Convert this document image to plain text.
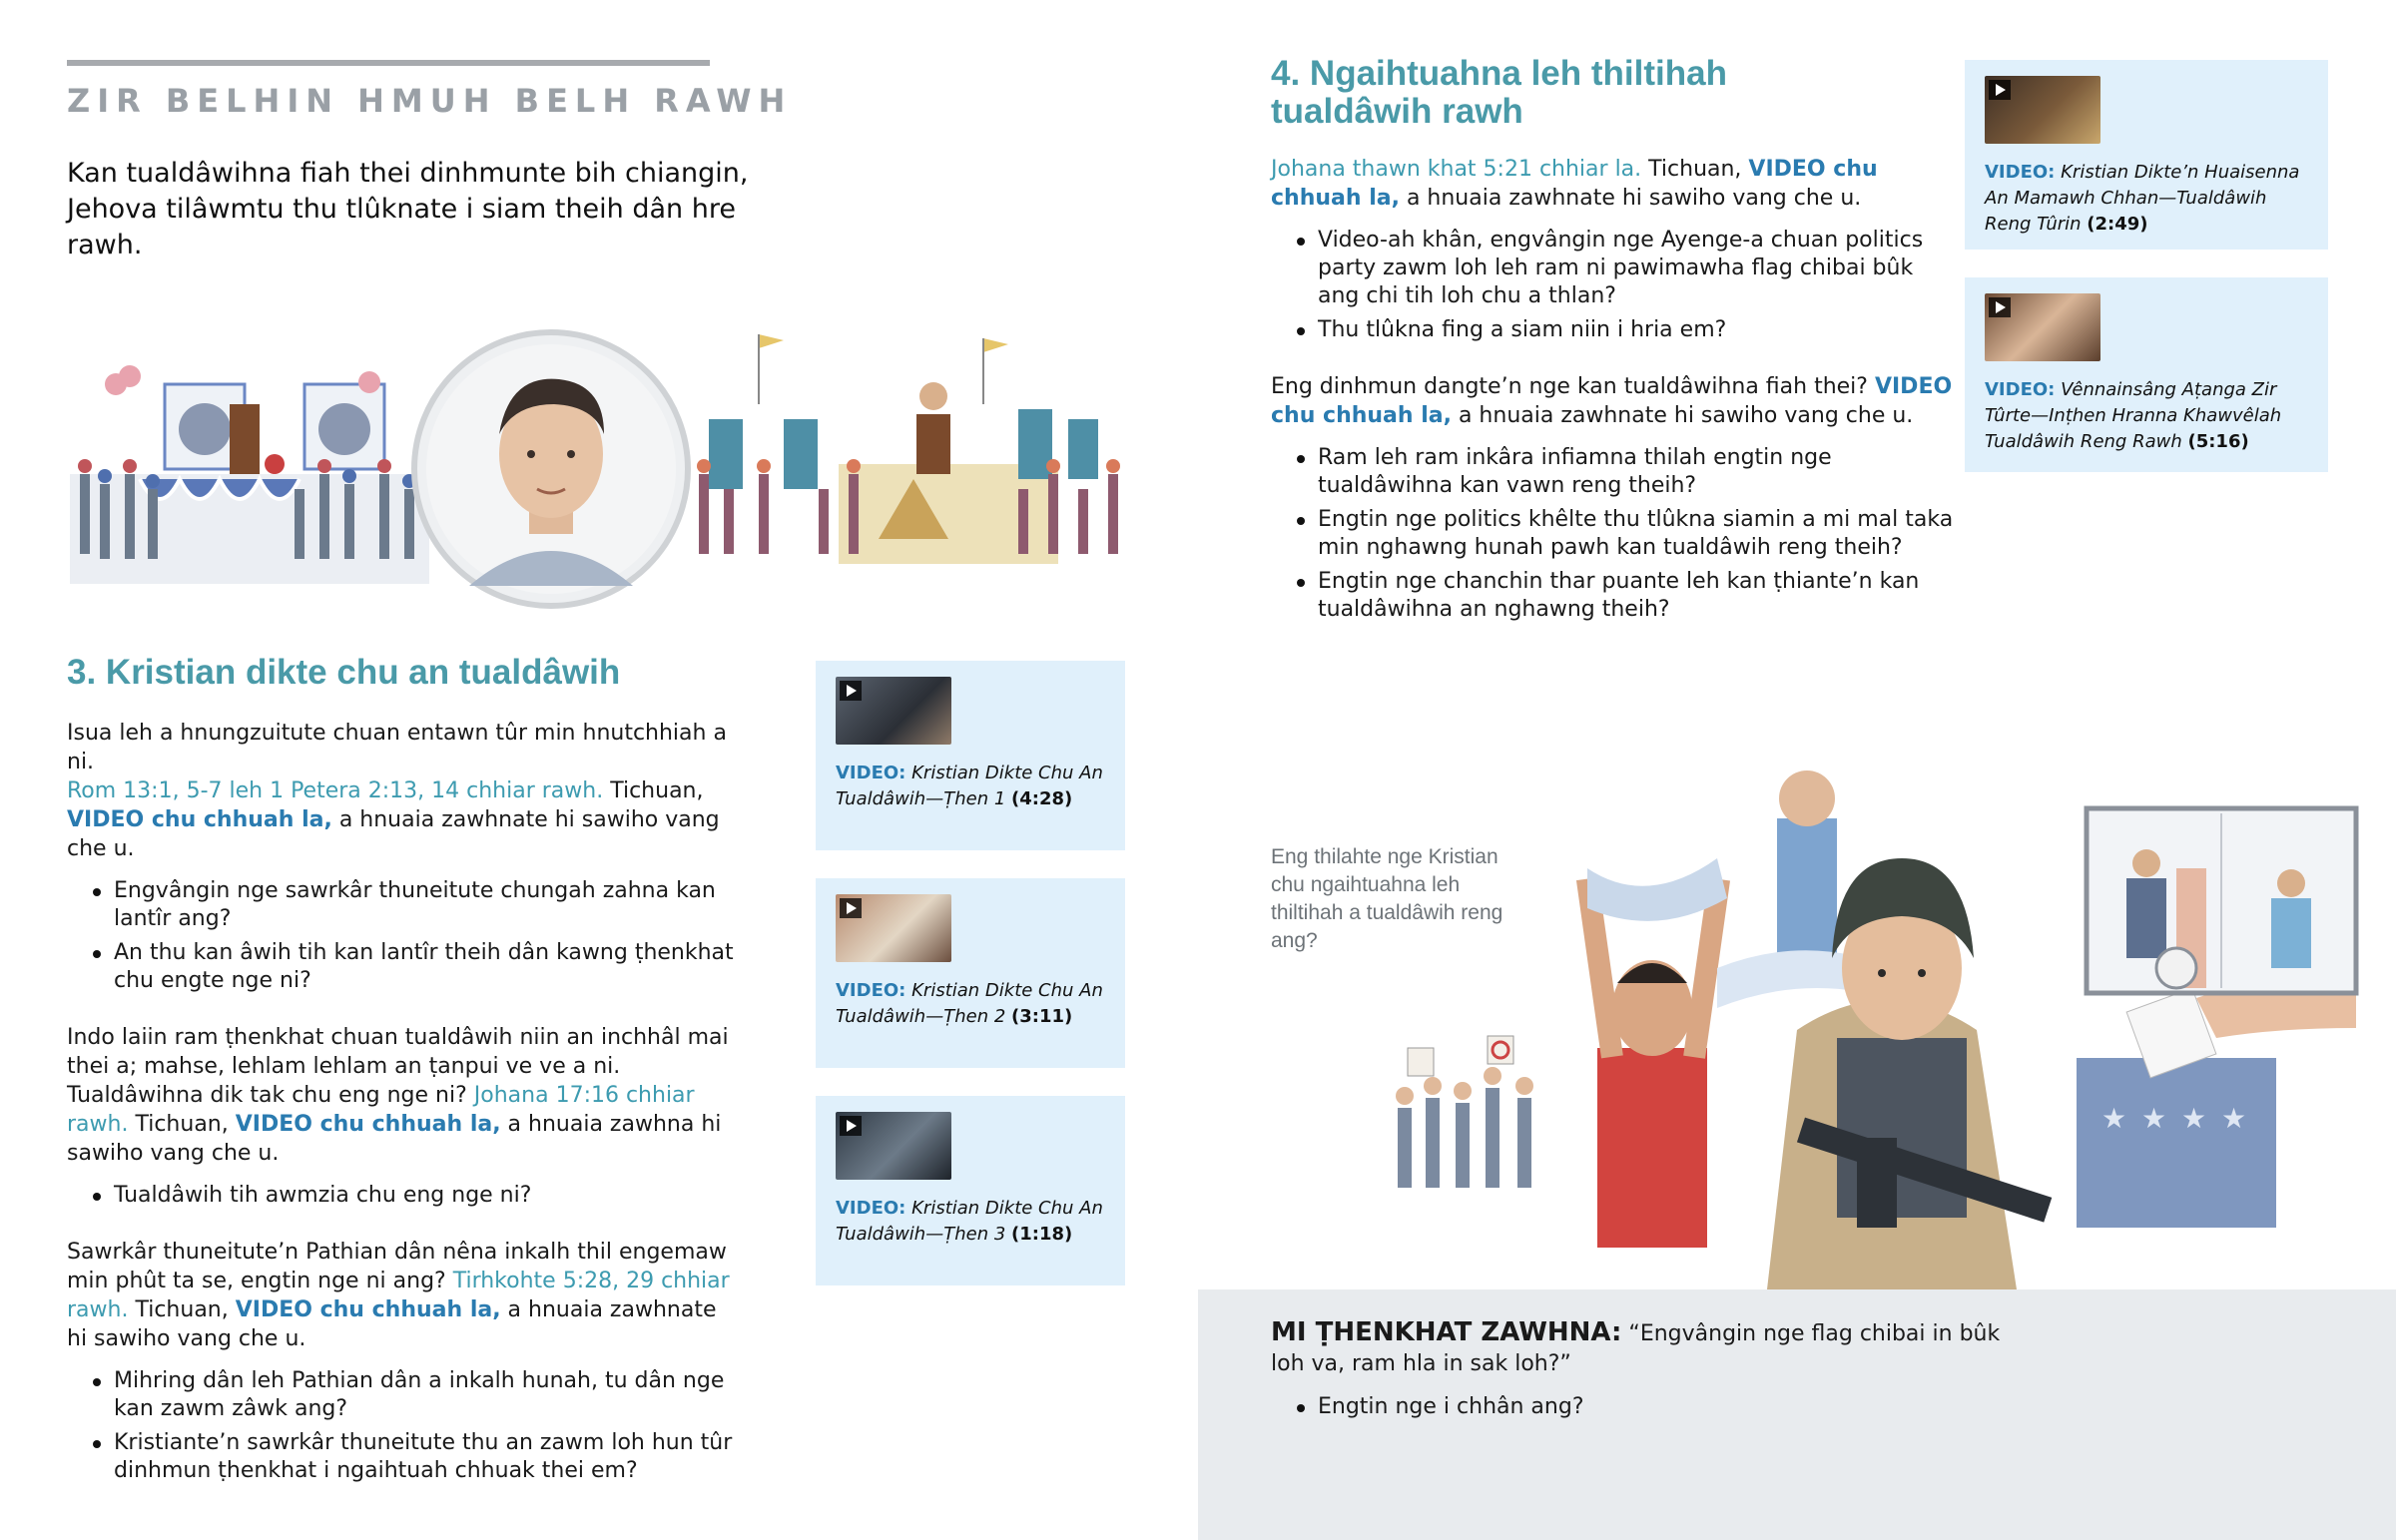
ZIR BELHIN HMUH BELH RAWH
Kan tualdâwihna fiah thei dinhmunte bih chiangin, Jehova tilâwmtu thu tlûknate i siam theih dân hre rawh.
3. Kristian dikte chu an tualdâwih

Isua leh a hnungzuitute chuan entawn tûr min hnutchhiah a ni.
Rom 13:1, 5-7 leh 1 Petera 2:13, 14 chhiar rawh. Tichuan, VIDEO chu chhuah la, a hnuaia zawhnate hi sawiho vang che u.

Engvângin nge sawrkâr thuneitute chungah zahna kan lantîr ang?
An thu kan âwih tih kan lantîr theih dân kawng ṭhenkhat chu engte nge ni?

Indo laiin ram ṭhenkhat chuan tualdâwih niin an inchhâl mai thei a; mahse, lehlam lehlam an ṭanpui ve ve a ni. Tualdâwihna dik tak chu eng nge ni? Johana 17:16 chhiar rawh. Tichuan, VIDEO chu chhuah la, a hnuaia zawhna hi sawiho vang che u.

Tualdâwih tih awmzia chu eng nge ni?

Sawrkâr thuneitute’n Pathian dân nêna inkalh thil engemaw min phût ta se, engtin nge ni ang? Tirhkohte 5:28, 29 chhiar rawh. Tichuan, VIDEO chu chhuah la, a hnuaia zawhnate hi sawiho vang che u.

Mihring dân leh Pathian dân a inkalh hunah, tu dân nge kan zawm zâwk ang?
Kristiante’n sawrkâr thuneitute thu an zawm loh hun tûr dinhmun ṭhenkhat i ngaihtuah chhuak thei em?
VIDEO: Kristian Dikte Chu An Tualdâwih—Ṭhen 1 (4:28)
VIDEO: Kristian Dikte Chu An Tualdâwih—Ṭhen 2 (3:11)
VIDEO: Kristian Dikte Chu An Tualdâwih—Ṭhen 3 (1:18)
4. Ngaihtuahna leh thiltihah tualdâwih rawh

Johana thawn khat 5:21 chhiar la. Tichuan, VIDEO chu chhuah la, a hnuaia zawhnate hi sawiho vang che u.

Video-ah khân, engvângin nge Ayenge-a chuan politics party zawm loh leh ram ni pawimawha flag chibai bûk ang chi tih loh chu a thlan?
Thu tlûkna fing a siam niin i hria em?

Eng dinhmun dangte’n nge kan tualdâwihna fiah thei? VIDEO chu chhuah la, a hnuaia zawhnate hi sawiho vang che u.

Ram leh ram inkâra infiamna thilah engtin nge tualdâwihna kan vawn reng theih?
Engtin nge politics khêlte thu tlûkna siamin a mi mal taka min nghawng hunah pawh kan tualdâwih reng theih?
Engtin nge chanchin thar puante leh kan ṭhiante’n kan tualdâwihna an nghawng theih?
VIDEO: Kristian Dikte’n Huaisenna An Mamawh Chhan—Tualdâwih Reng Tûrin (2:49)
VIDEO: Vênnainsâng Aṭanga Zir Tûrte—Inṭhen Hranna Khawvêlah Tualdâwih Reng Rawh (5:16)
Eng thilahte nge Kristian chu ngaihtuahna leh thiltihah a tualdâwih reng ang?
★ ★ ★ ★

MI ṬHENKHAT ZAWHNA: “Engvângin nge flag chibai in bûk loh va, ram hla in sak loh?”

Engtin nge i chhân ang?
